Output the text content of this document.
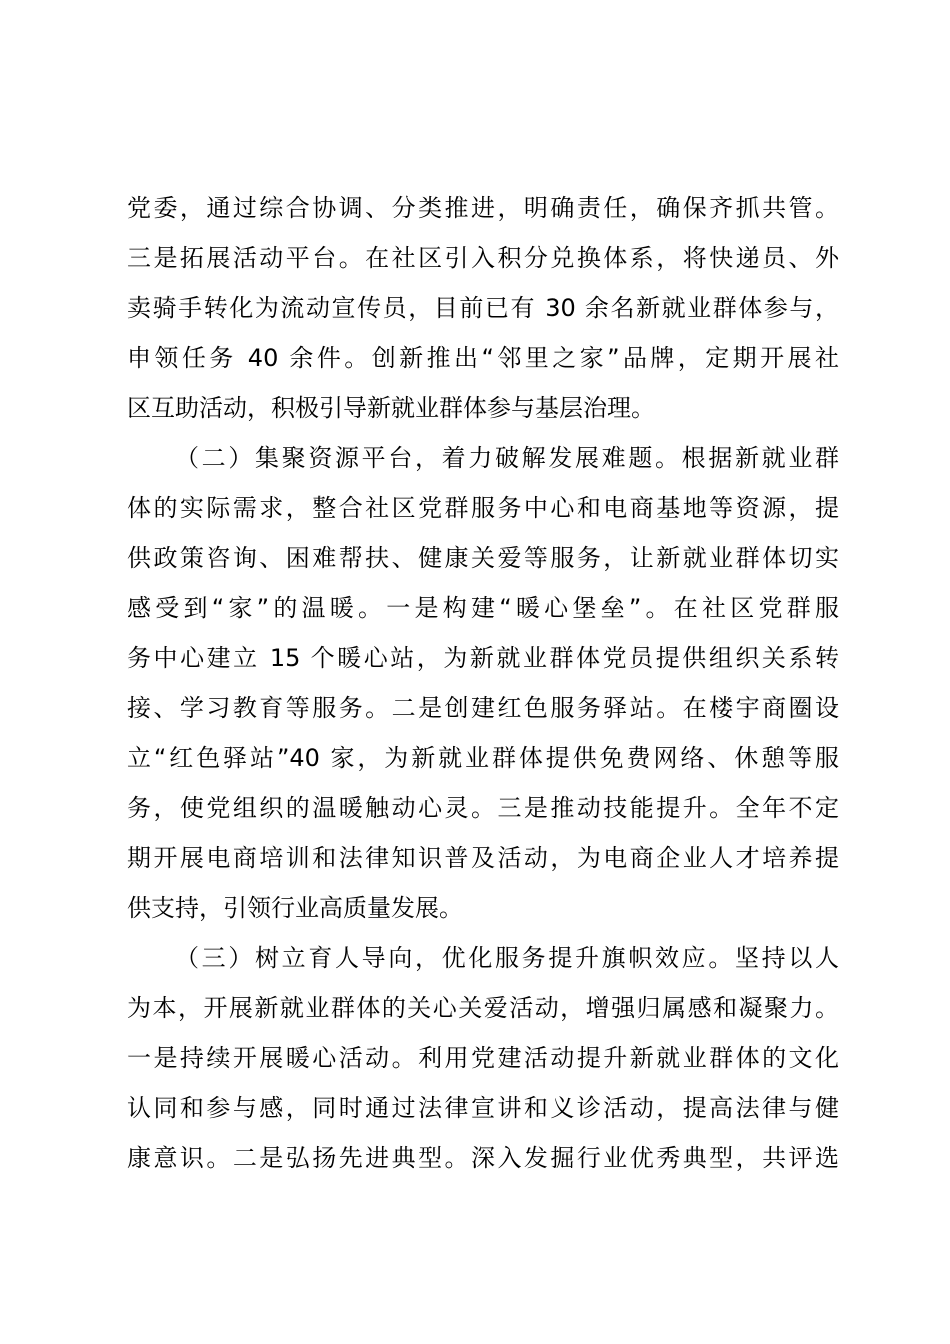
党委，通过综合协调、分类推进，明确责任，确保齐抓共管。
三是拓展活动平台。在社区引入积分兑换体系，将快递员、外
卖骑手转化为流动宣传员，目前已有 30 余名新就业群体参与，
申领任务 40 余件。创新推出“邻里之家”品牌，定期开展社
区互助活动，积极引导新就业群体参与基层治理。
（二）集聚资源平台，着力破解发展难题。根据新就业群
体的实际需求，整合社区党群服务中心和电商基地等资源，提
供政策咨询、困难帮扶、健康关爱等服务，让新就业群体切实
感受到“家”的温暖。一是构建“暖心堡垒”。在社区党群服
务中心建立 15 个暖心站，为新就业群体党员提供组织关系转
接、学习教育等服务。二是创建红色服务驿站。在楼宇商圈设
立“红色驿站”40 家，为新就业群体提供免费网络、休憩等服
务，使党组织的温暖触动心灵。三是推动技能提升。全年不定
期开展电商培训和法律知识普及活动，为电商企业人才培养提
供支持，引领行业高质量发展。
（三）树立育人导向，优化服务提升旗帜效应。坚持以人
为本，开展新就业群体的关心关爱活动，增强归属感和凝聚力。
一是持续开展暖心活动。利用党建活动提升新就业群体的文化
认同和参与感，同时通过法律宣讲和义诊活动，提高法律与健
康意识。二是弘扬先进典型。深入发掘行业优秀典型，共评选
